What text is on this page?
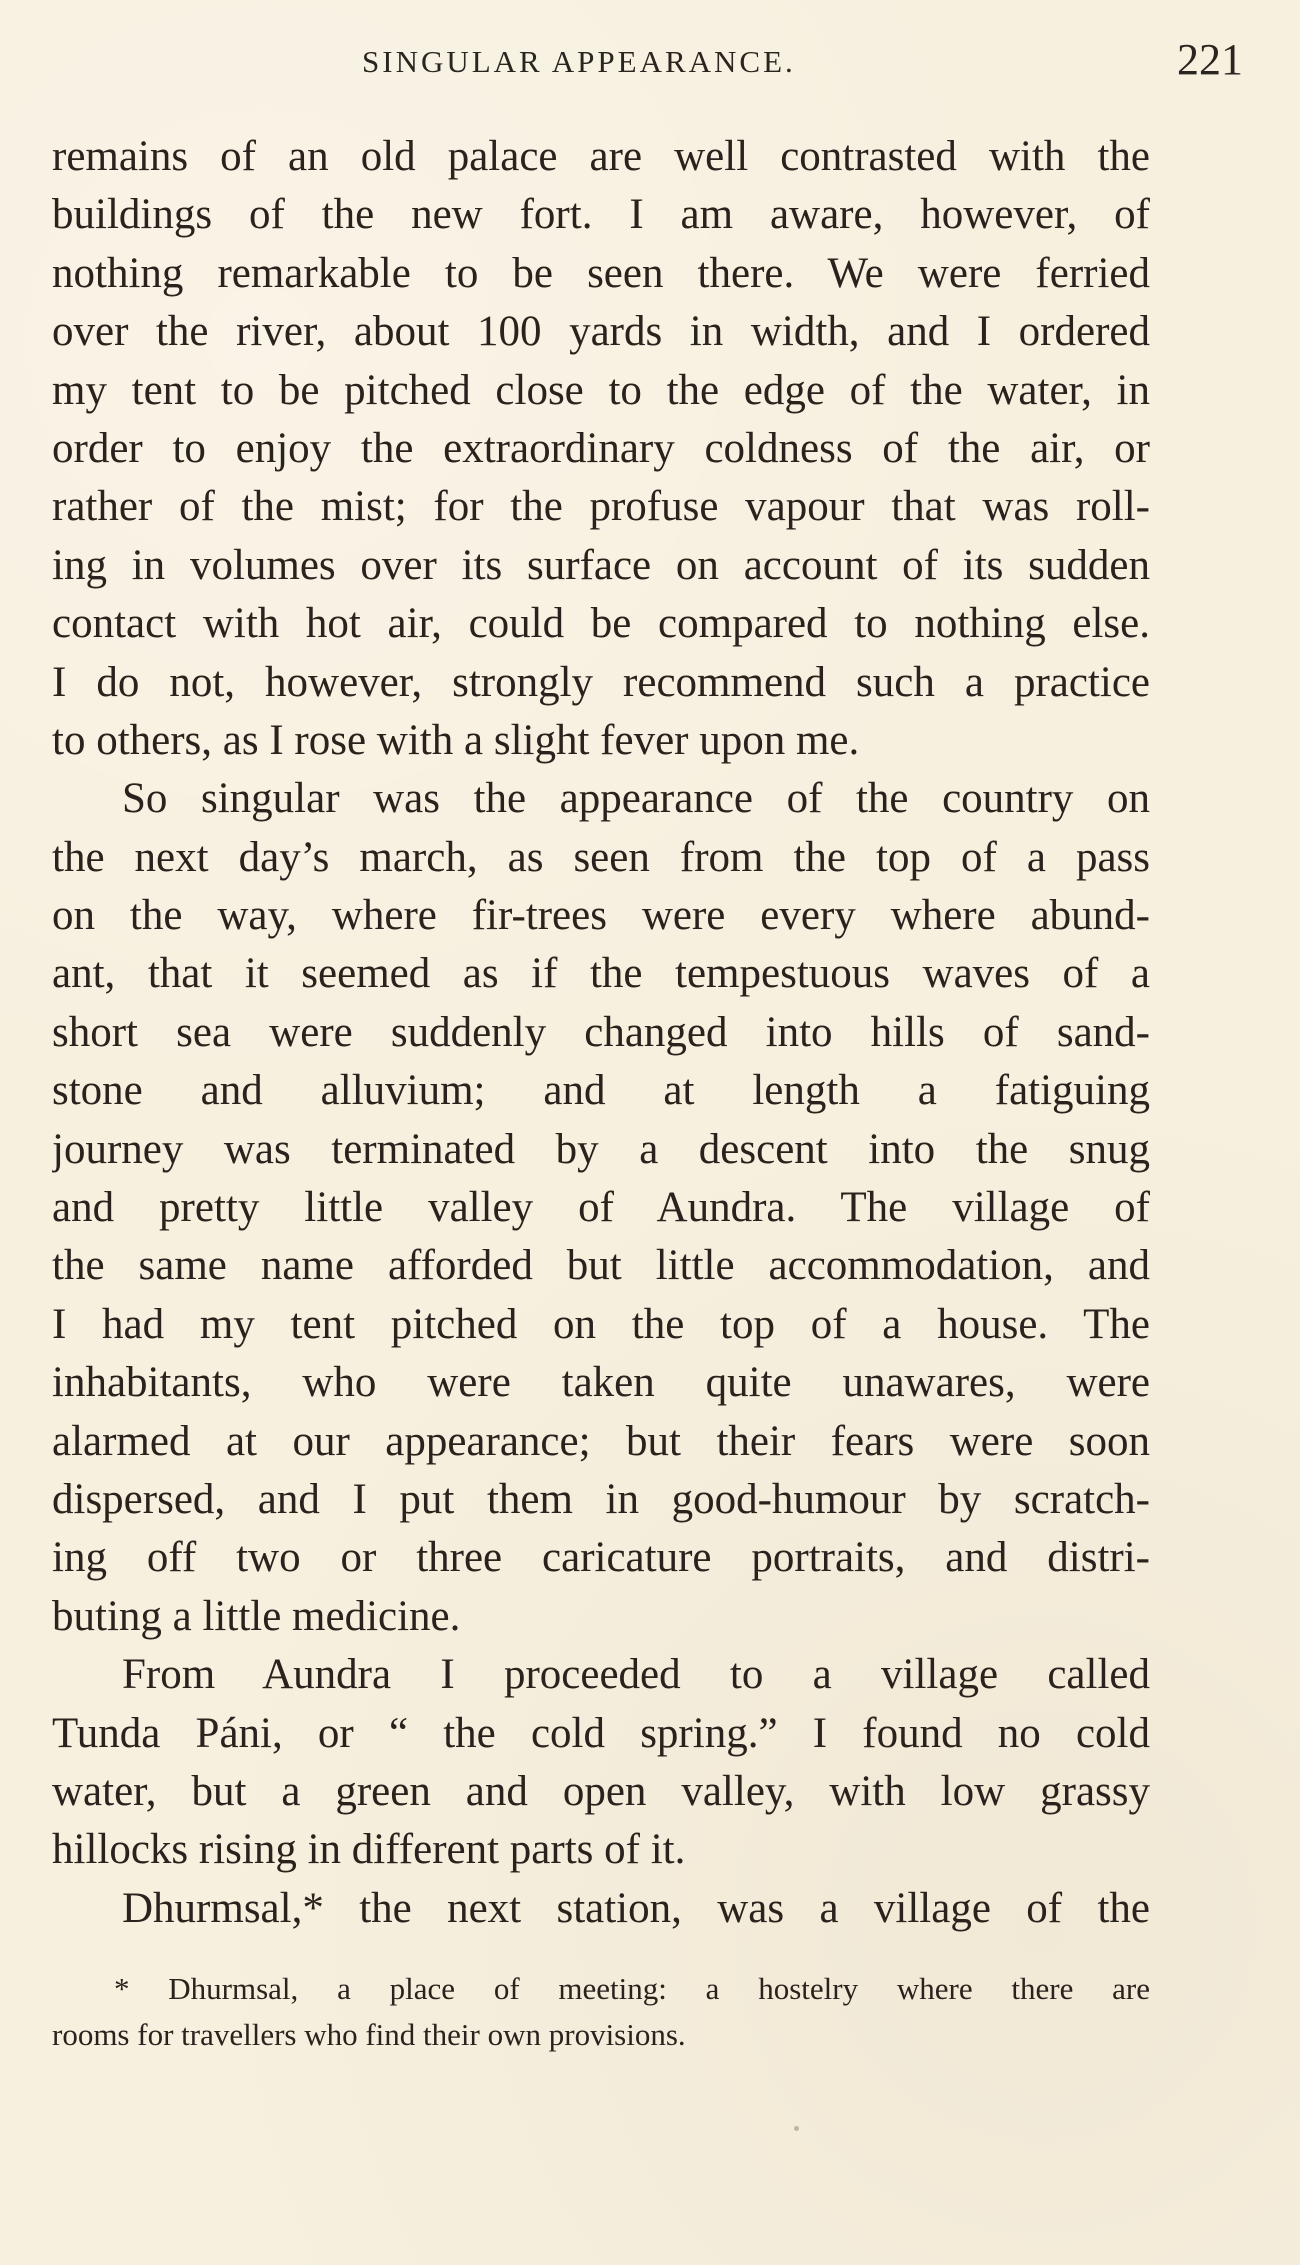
SINGULAR APPEARANCE.	221
remains of an old palace are well contrasted with the
buildings of the new fort. I am aware, however, of
nothing remarkable to be seen there. We were ferried
over the river, about 100 yards in width, and I ordered
my tent to be pitched close to the edge of the water, in
order to enjoy the extraordinary coldness of the air, or
rather of the mist; for the profuse vapour that was roll-
ing in volumes over its surface on account of its sudden
contact with hot air, could be compared to nothing else.
I do not, however, strongly recommend such a practice
to others, as I rose with a slight fever upon me.
So singular was the appearance of the country on
the next day’s march, as seen from the top of a pass
on the way, where fir-trees were every where abund-
ant, that it seemed as if the tempestuous waves of a
short sea were suddenly changed into hills of sand-
stone and alluvium; and at length a fatiguing
journey was terminated by a descent into the snug
and pretty little valley of Aundra. The village of
the same name afforded but little accommodation, and
I had my tent pitched on the top of a house. The
inhabitants, who were taken quite unawares, were
alarmed at our appearance; but their fears were soon
dispersed, and I put them in good-humour by scratch-
ing off two or three caricature portraits, and distri-
buting a little medicine.
From Aundra I proceeded to a village called
Tunda Páni, or “ the cold spring.” I found no cold
water, but a green and open valley, with low grassy
hillocks rising in different parts of it.
Dhurmsal,* the next station, was a village of the
* Dhurmsal, a place of meeting: a hostelry where there are
rooms for travellers who find their own provisions.
